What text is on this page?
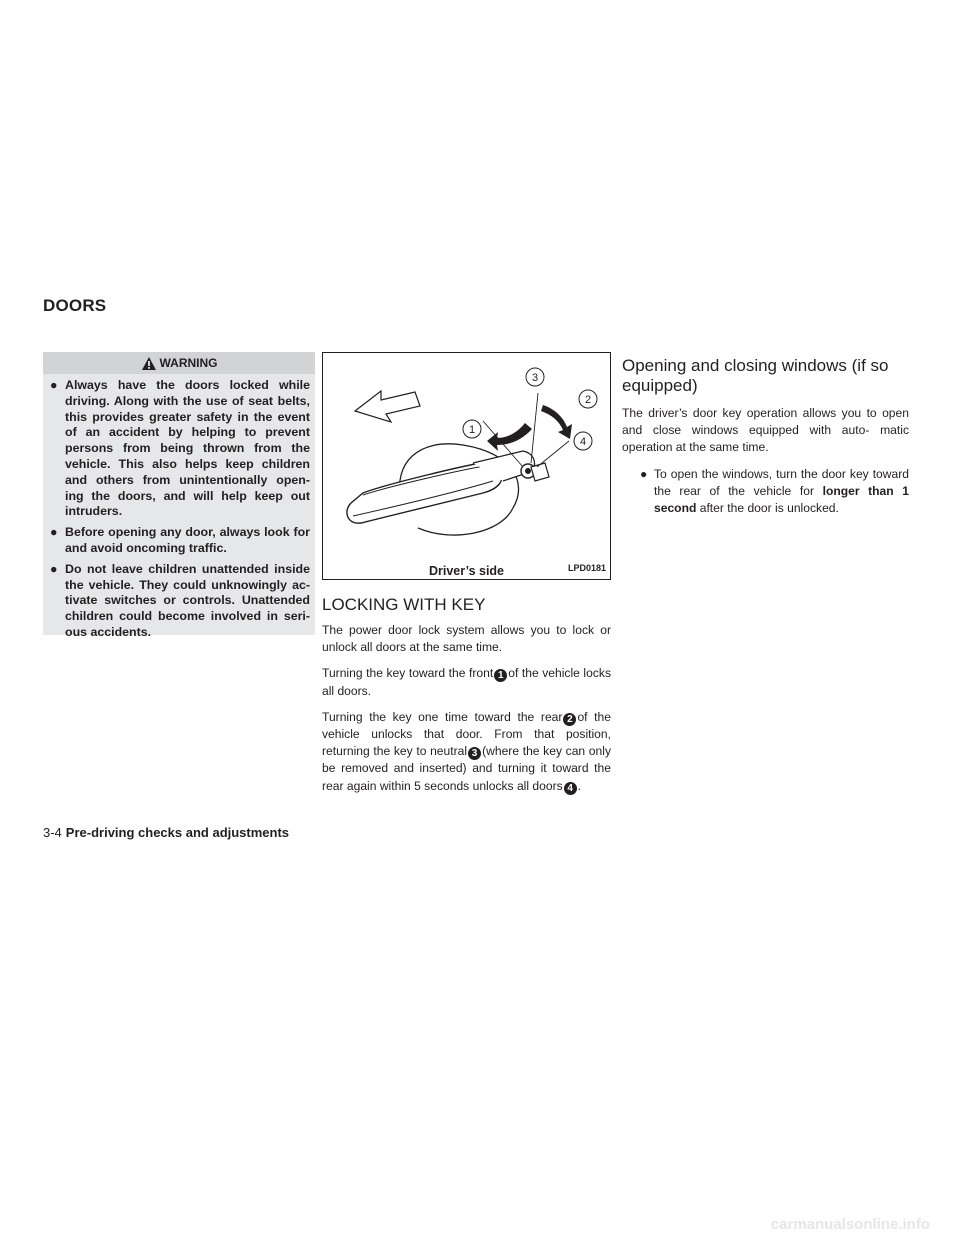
DOORS
WARNING
● Always have the doors locked while driving. Along with the use of seat belts, this provides greater safety in the event of an accident by helping to prevent persons from being thrown from the vehicle. This also helps keep children and others from unintentionally open- ing the doors, and will help keep out intruders.
● Before opening any door, always look for and avoid oncoming traffic.
● Do not leave children unattended inside the vehicle. They could unknowingly ac- tivate switches or controls. Unattended children could become involved in seri- ous accidents.
3
2
1
4
LPD0181
Driver’s side
LOCKING WITH KEY

The power door lock system allows you to lock or unlock all doors at the same time.

Turning the key toward the front 1 of the vehicle locks all doors.

Turning the key one time toward the rear 2 of the vehicle unlocks that door. From that position, returning the key to neutral 3 (where the key can only be removed and inserted) and turning it toward the rear again within 5 seconds unlocks all doors 4 .

Opening and closing windows (if so equipped)

The driver’s door key operation allows you to open and close windows equipped with auto- matic operation at the same time.

● To open the windows, turn the door key toward the rear of the vehicle for longer than 1 second after the door is unlocked.
3-4 Pre-driving checks and adjustments
carmanualsonline.info
